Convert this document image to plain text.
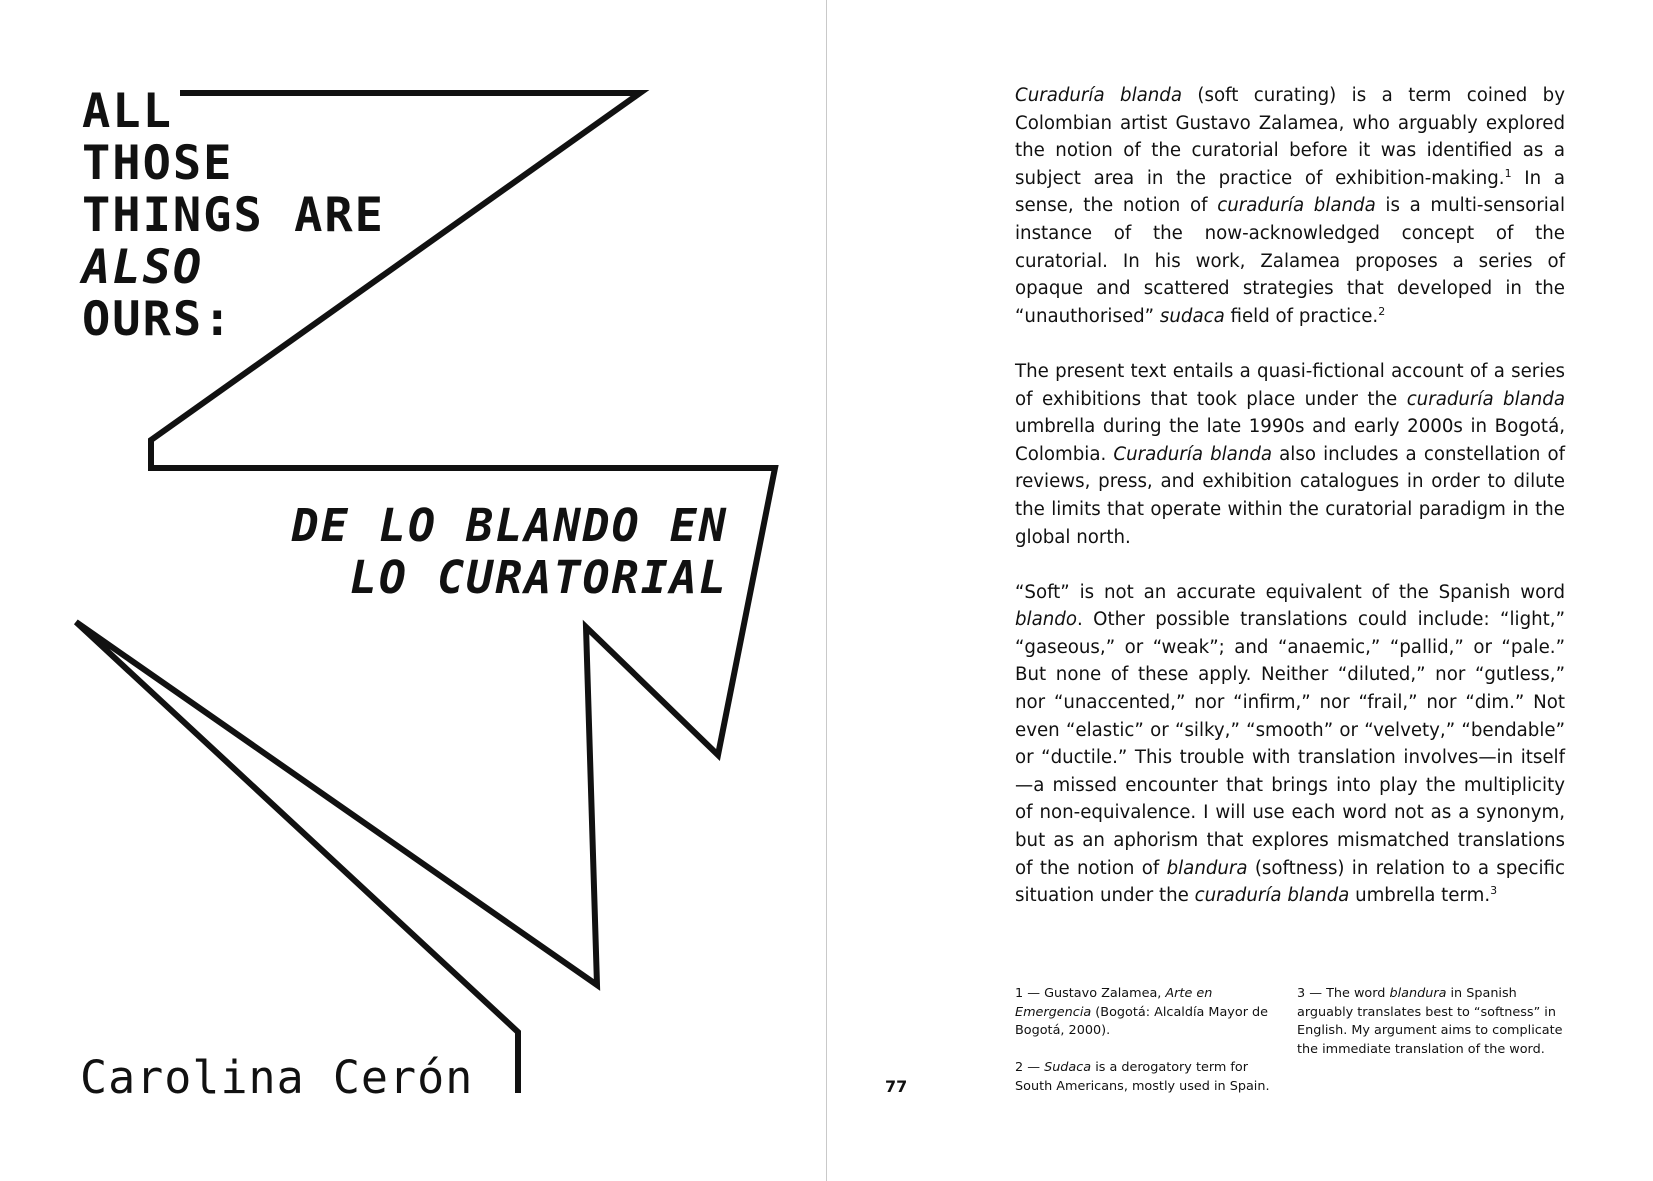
ALL
THOSE
THINGS ARE
ALSO
OURS:
DE LO BLANDO EN
LO CURATORIAL
Carolina Cerón	77

Curaduría blanda (soft curating) is a term coined by Colombian artist Gustavo Zalamea, who arguably explored the notion of the curatorial before it was identified as a subject area in the practice of exhibition-making.$^1$ In a sense, the notion of curaduría blanda is a multi-sensorial instance of the now-acknowledged concept of the curatorial. In his work, Zalamea proposes a series of opaque and scattered strategies that developed in the “unauthorised” sudaca field of practice.$^2$

The present text entails a quasi-fictional account of a series of exhibitions that took place under the curaduría blanda umbrella during the late 1990s and early 2000s in Bogotá, Colombia. Curaduría blanda also includes a constellation of reviews, press, and exhibition catalogues in order to dilute the limits that operate within the curatorial paradigm in the global north.

“Soft” is not an accurate equivalent of the Spanish word blando. Other possible translations could include: “light,” “gaseous,” or “weak”; and “anaemic,” “pallid,” or “pale.” But none of these apply. Neither “diluted,” nor “gutless,” nor “unaccented,” nor “infirm,” nor “frail,” nor “dim.” Not even “elastic” or “silky,” “smooth” or “velvety,” “bendable” or “ductile.” This trouble with translation involves—in itself—a missed encounter that brings into play the multiplicity of non-equivalence. I will use each word not as a synonym, but as an aphorism that explores mismatched translations of the notion of blandura (softness) in relation to a specific situation under the curaduría blanda umbrella term.$^3$

1 — Gustavo Zalamea, Arte en Emergencia (Bogotá: Alcaldía Mayor de Bogotá, 2000).

2 — Sudaca is a derogatory term for South Americans, mostly used in Spain.

3 — The word blandura in Spanish arguably translates best to “softness” in English. My argument aims to complicate the immediate translation of the word.
